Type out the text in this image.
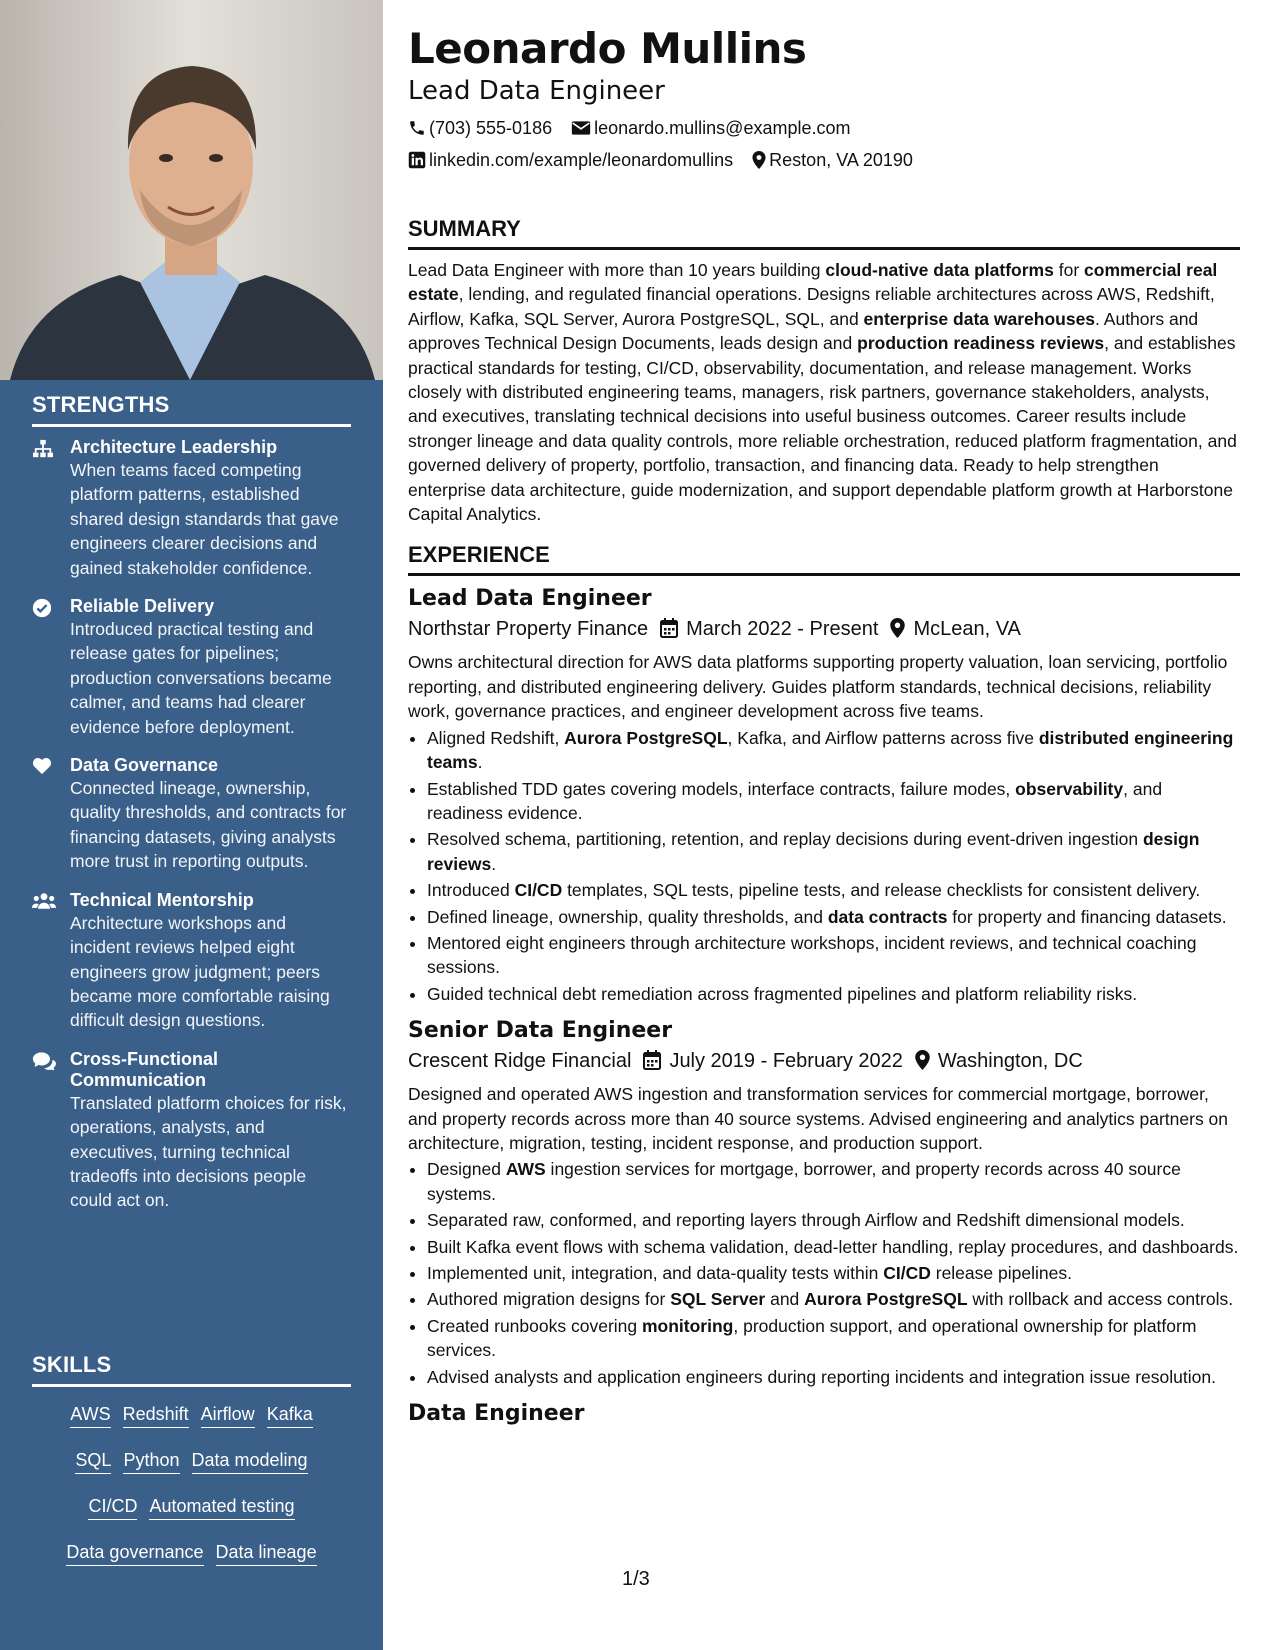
STRENGTHS
Architecture Leadership
When teams faced competing platform patterns, established shared design standards that gave engineers clearer decisions and gained stakeholder confidence.
Reliable Delivery
Introduced practical testing and release gates for pipelines; production conversations became calmer, and teams had clearer evidence before deployment.
Data Governance
Connected lineage, ownership, quality thresholds, and contracts for financing datasets, giving analysts more trust in reporting outputs.
Technical Mentorship
Architecture workshops and incident reviews helped eight engineers grow judgment; peers became more comfortable raising difficult design questions.
Cross-Functional Communication
Translated platform choices for risk, operations, analysts, and executives, turning technical tradeoffs into decisions people could act on.
SKILLS
AWS Redshift Airflow Kafka
SQL Python Data modeling
CI/CD Automated testing
Data governance Data lineage
Leonardo Mullins
Lead Data Engineer
(703) 555-0186 leonardo.mullins@example.com
linkedin.com/example/leonardomullins Reston, VA 20190
SUMMARY

Lead Data Engineer with more than 10 years building cloud-native data platforms for commercial real estate, lending, and regulated financial operations. Designs reliable architectures across AWS, Redshift, Airflow, Kafka, SQL Server, Aurora PostgreSQL, SQL, and enterprise data warehouses. Authors and approves Technical Design Documents, leads design and production readiness reviews, and establishes practical standards for testing, CI/CD, observability, documentation, and release management. Works closely with distributed engineering teams, managers, risk partners, governance stakeholders, analysts, and executives, translating technical decisions into useful business outcomes. Career results include stronger lineage and data quality controls, more reliable orchestration, reduced platform fragmentation, and governed delivery of property, portfolio, transaction, and financing data. Ready to help strengthen enterprise data architecture, guide modernization, and support dependable platform growth at Harborstone Capital Analytics.

EXPERIENCE
Lead Data Engineer
Northstar Property Finance March 2022 - Present McLean, VA

Owns architectural direction for AWS data platforms supporting property valuation, loan servicing, portfolio reporting, and distributed engineering delivery. Guides platform standards, technical decisions, reliability work, governance practices, and engineer development across five teams.

• Aligned Redshift, Aurora PostgreSQL, Kafka, and Airflow patterns across five distributed engineering teams.
• Established TDD gates covering models, interface contracts, failure modes, observability, and readiness evidence.
• Resolved schema, partitioning, retention, and replay decisions during event-driven ingestion design reviews.
• Introduced CI/CD templates, SQL tests, pipeline tests, and release checklists for consistent delivery.
• Defined lineage, ownership, quality thresholds, and data contracts for property and financing datasets.
• Mentored eight engineers through architecture workshops, incident reviews, and technical coaching sessions.
• Guided technical debt remediation across fragmented pipelines and platform reliability risks.
Senior Data Engineer
Crescent Ridge Financial July 2019 - February 2022 Washington, DC

Designed and operated AWS ingestion and transformation services for commercial mortgage, borrower, and property records across more than 40 source systems. Advised engineering and analytics partners on architecture, migration, testing, incident response, and production support.

• Designed AWS ingestion services for mortgage, borrower, and property records across 40 source systems.
• Separated raw, conformed, and reporting layers through Airflow and Redshift dimensional models.
• Built Kafka event flows with schema validation, dead-letter handling, replay procedures, and dashboards.
• Implemented unit, integration, and data-quality tests within CI/CD release pipelines.
• Authored migration designs for SQL Server and Aurora PostgreSQL with rollback and access controls.
• Created runbooks covering monitoring, production support, and operational ownership for platform services.
• Advised analysts and application engineers during reporting incidents and integration issue resolution.
Data Engineer
1/3
